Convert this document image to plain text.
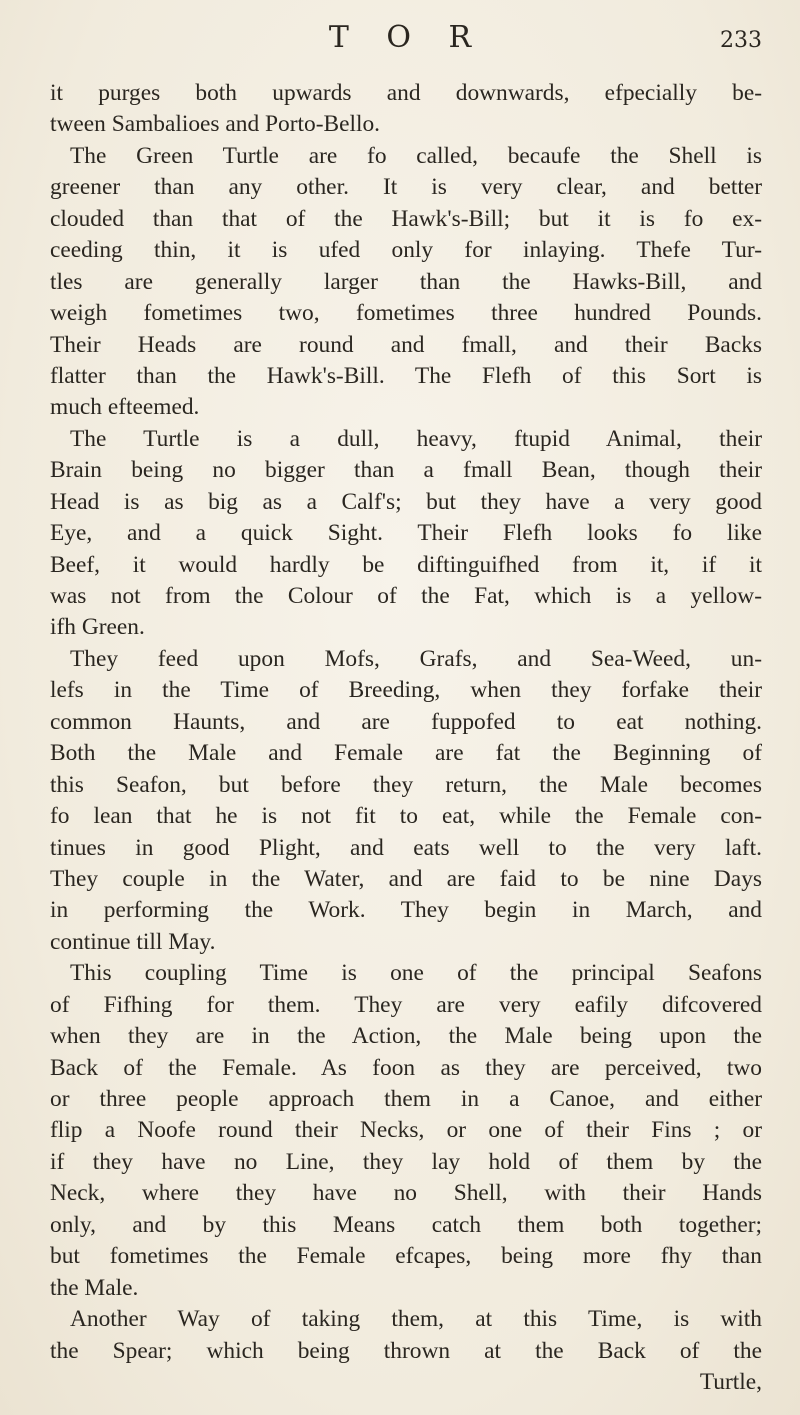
T O R	233
it purges both upwards and downwards, efpecially be-
tween Sambalioes and Porto-Bello.
The Green Turtle are fo called, becaufe the Shell is
greener than any other. It is very clear, and better
clouded than that of the Hawk's-Bill; but it is fo ex-
ceeding thin, it is ufed only for inlaying. Thefe Tur-
tles are generally larger than the Hawks-Bill, and
weigh fometimes two, fometimes three hundred Pounds.
Their Heads are round and fmall, and their Backs
flatter than the Hawk's-Bill. The Flefh of this Sort is
much efteemed.
The Turtle is a dull, heavy, ftupid Animal, their
Brain being no bigger than a fmall Bean, though their
Head is as big as a Calf's; but they have a very good
Eye, and a quick Sight. Their Flefh looks fo like
Beef, it would hardly be diftinguifhed from it, if it
was not from the Colour of the Fat, which is a yellow-
ifh Green.
They feed upon Mofs, Grafs, and Sea-Weed, un-
lefs in the Time of Breeding, when they forfake their
common Haunts, and are fuppofed to eat nothing.
Both the Male and Female are fat the Beginning of
this Seafon, but before they return, the Male becomes
fo lean that he is not fit to eat, while the Female con-
tinues in good Plight, and eats well to the very laft.
They couple in the Water, and are faid to be nine Days
in performing the Work. They begin in March, and
continue till May.
This coupling Time is one of the principal Seafons
of Fifhing for them. They are very eafily difcovered
when they are in the Action, the Male being upon the
Back of the Female. As foon as they are perceived, two
or three people approach them in a Canoe, and either
flip a Noofe round their Necks, or one of their Fins ; or
if they have no Line, they lay hold of them by the
Neck, where they have no Shell, with their Hands
only, and by this Means catch them both together;
but fometimes the Female efcapes, being more fhy than
the Male.
Another Way of taking them, at this Time, is with
the Spear; which being thrown at the Back of the
Turtle,
